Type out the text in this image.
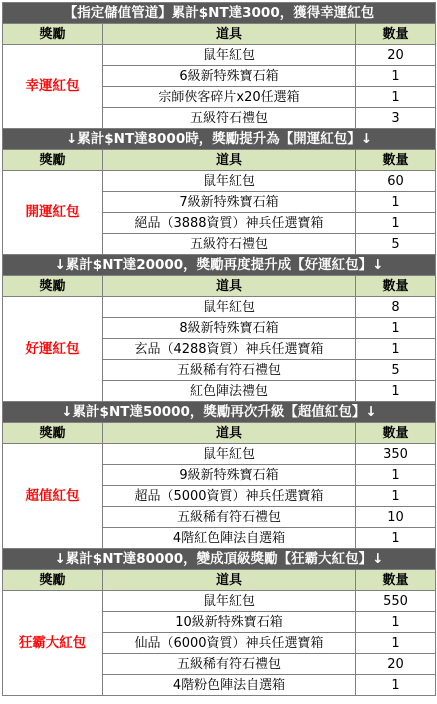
【指定儲值管道】累計$NT達3000，獲得幸運紅包		
獎勵	道具	數量
幸運紅包	鼠年紅包	20
	6級新特殊寶石箱	1
	宗師俠客碎片x20任選箱	1
	五級符石禮包	3
↓累計$NT達8000時，獎勵提升為【開運紅包】↓		
獎勵	道具	數量
開運紅包	鼠年紅包	60
	7級新特殊寶石箱	1
	絕品（3888資質）神兵任選寶箱	1
	五級符石禮包	5
↓累計$NT達20000，獎勵再度提升成【好運紅包】↓		
獎勵	道具	數量
好運紅包	鼠年紅包	8
	8級新特殊寶石箱	1
	玄品（4288資質）神兵任選寶箱	1
	五級稀有符石禮包	5
	紅色陣法禮包	1
↓累計$NT達50000，獎勵再次升級【超值紅包】↓		
獎勵	道具	數量
超值紅包	鼠年紅包	350
	9級新特殊寶石箱	1
	超品（5000資質）神兵任選寶箱	1
	五級稀有符石禮包	10
	4階紅色陣法自選箱	1
↓累計$NT達80000，變成頂級獎勵【狂霸大紅包】↓		
獎勵	道具	數量
狂霸大紅包	鼠年紅包	550
	10級新特殊寶石箱	1
	仙品（6000資質）神兵任選寶箱	1
	五級稀有符石禮包	20
	4階粉色陣法自選箱	1
